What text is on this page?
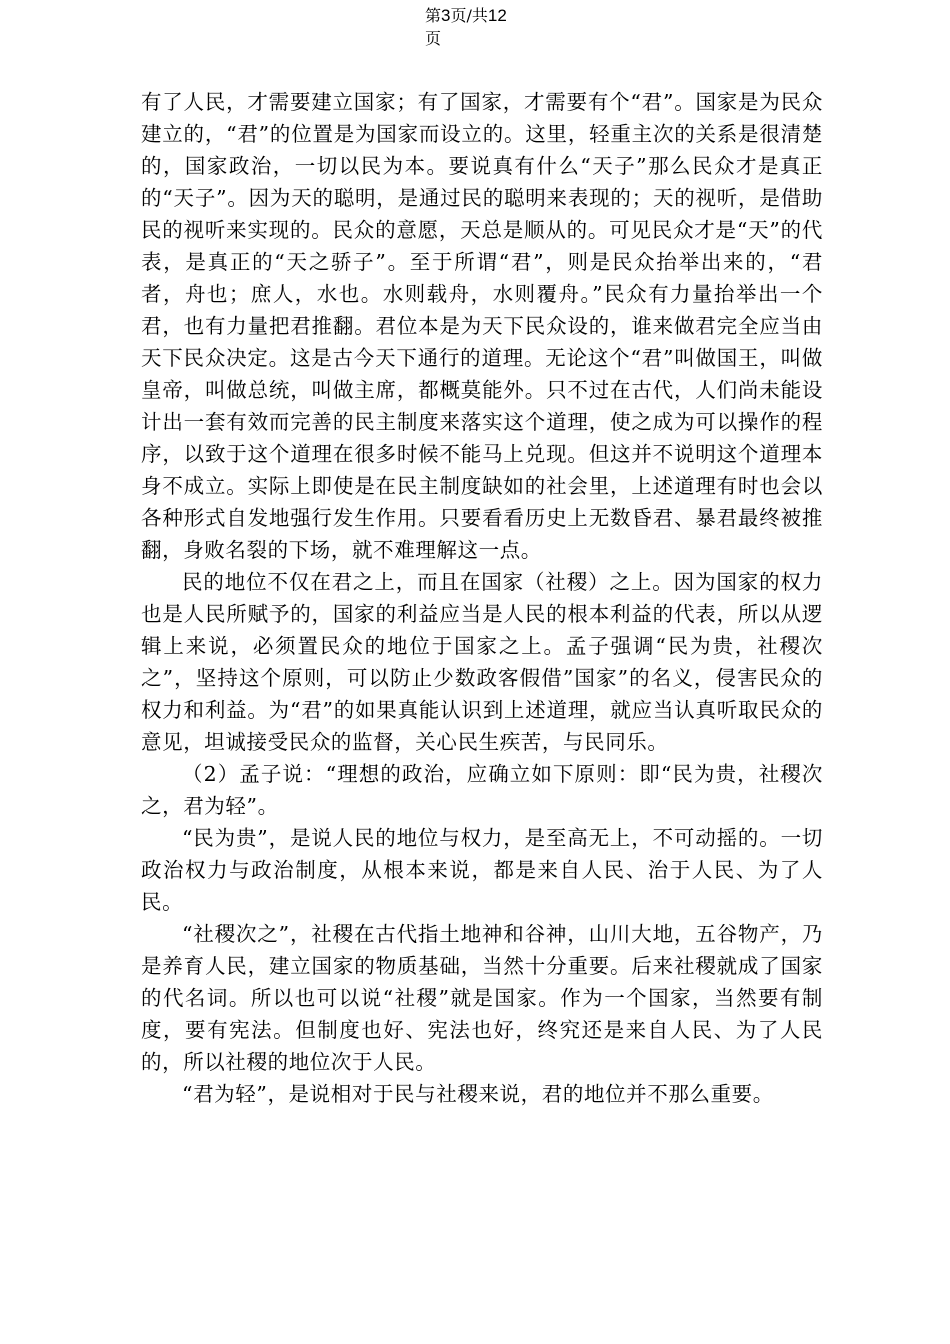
第3页/共12
页

有了人民，才需要建立国家；有了国家，才需要有个“君”。国家是为民众建立的，“君”的位置是为国家而设立的。这里，轻重主次的关系是很清楚的，国家政治，一切以民为本。要说真有什么“天子”那么民众才是真正的“天子”。因为天的聪明，是通过民的聪明来表现的；天的视听，是借助民的视听来实现的。民众的意愿，天总是顺从的。可见民众才是“天”的代表，是真正的“天之骄子”。至于所谓“君”，则是民众抬举出来的，“君者，舟也；庶人，水也。水则载舟，水则覆舟。”民众有力量抬举出一个君，也有力量把君推翻。君位本是为天下民众设的，谁来做君完全应当由天下民众决定。这是古今天下通行的道理。无论这个“君”叫做国王，叫做皇帝，叫做总统，叫做主席，都概莫能外。只不过在古代，人们尚未能设计出一套有效而完善的民主制度来落实这个道理，使之成为可以操作的程序，以致于这个道理在很多时候不能马上兑现。但这并不说明这个道理本身不成立。实际上即使是在民主制度缺如的社会里，上述道理有时也会以各种形式自发地强行发生作用。只要看看历史上无数昏君、暴君最终被推翻，身败名裂的下场，就不难理解这一点。

民的地位不仅在君之上，而且在国家（社稷）之上。因为国家的权力也是人民所赋予的，国家的利益应当是人民的根本利益的代表，所以从逻辑上来说，必须置民众的地位于国家之上。孟子强调“民为贵，社稷次之”，坚持这个原则，可以防止少数政客假借”国家”的名义，侵害民众的权力和利益。为“君”的如果真能认识到上述道理，就应当认真听取民众的意见，坦诚接受民众的监督，关心民生疾苦，与民同乐。

（2）孟子说：“理想的政治，应确立如下原则：即“民为贵，社稷次之，君为轻”。

“民为贵”，是说人民的地位与权力，是至高无上，不可动摇的。一切政治权力与政治制度，从根本来说，都是来自人民、治于人民、为了人民。

“社稷次之”，社稷在古代指土地神和谷神，山川大地，五谷物产，乃是养育人民，建立国家的物质基础，当然十分重要。后来社稷就成了国家的代名词。所以也可以说“社稷”就是国家。作为一个国家，当然要有制度，要有宪法。但制度也好、宪法也好，终究还是来自人民、为了人民的，所以社稷的地位次于人民。

“君为轻”，是说相对于民与社稷来说，君的地位并不那么重要。
